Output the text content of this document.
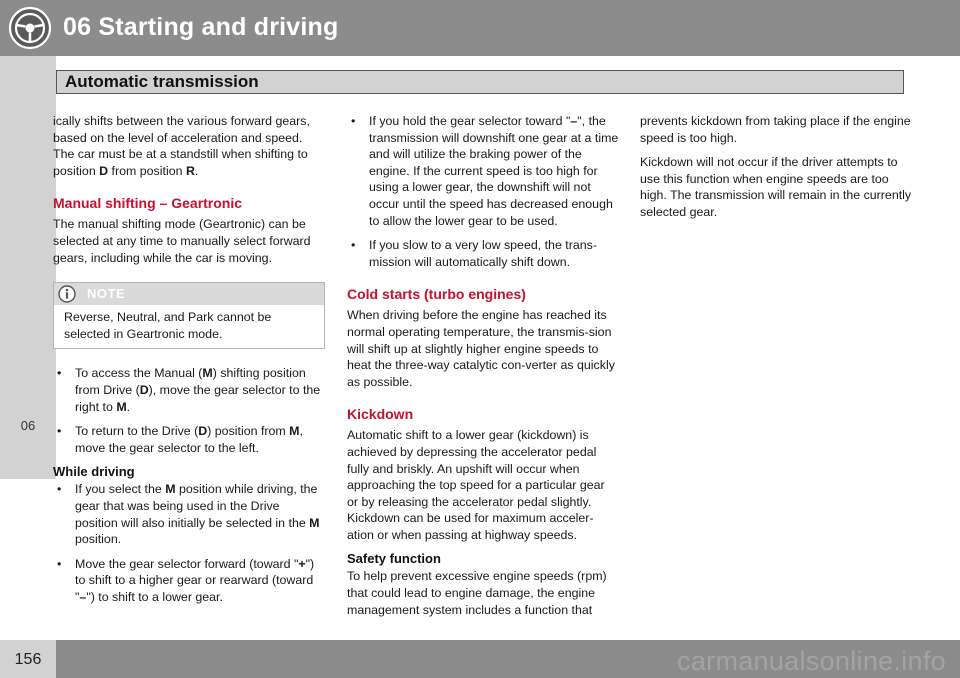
06 Starting and driving
Automatic transmission
06

ically shifts between the various forward gears, based on the level of acceleration and speed. The car must be at a standstill when shifting to position D from position R.

Manual shifting – Geartronic

The manual shifting mode (Geartronic) can be selected at any time to manually select forward gears, including while the car is moving.

NOTE
Reverse, Neutral, and Park cannot be selected in Geartronic mode.
• To access the Manual (M) shifting position from Drive (D), move the gear selector to the right to M.
• To return to the Drive (D) position from M, move the gear selector to the left.
While driving
• If you select the M position while driving, the gear that was being used in the Drive position will also initially be selected in the M position.
• Move the gear selector forward (toward "+") to shift to a higher gear or rearward (toward "–") to shift to a lower gear.
• If you hold the gear selector toward "–", the transmission will downshift one gear at a time and will utilize the braking power of the engine. If the current speed is too high for using a lower gear, the downshift will not occur until the speed has decreased enough to allow the lower gear to be used.
• If you slow to a very low speed, the trans-mission will automatically shift down.
Cold starts (turbo engines)

When driving before the engine has reached its normal operating temperature, the transmis-sion will shift up at slightly higher engine speeds to heat the three-way catalytic con-verter as quickly as possible.

Kickdown

Automatic shift to a lower gear (kickdown) is achieved by depressing the accelerator pedal fully and briskly. An upshift will occur when approaching the top speed for a particular gear or by releasing the accelerator pedal slightly. Kickdown can be used for maximum acceler-ation or when passing at highway speeds.

Safety function

To help prevent excessive engine speeds (rpm) that could lead to engine damage, the engine management system includes a function that

prevents kickdown from taking place if the engine speed is too high.

Kickdown will not occur if the driver attempts to use this function when engine speeds are too high. The transmission will remain in the currently selected gear.

156	carmanualsonline.info
